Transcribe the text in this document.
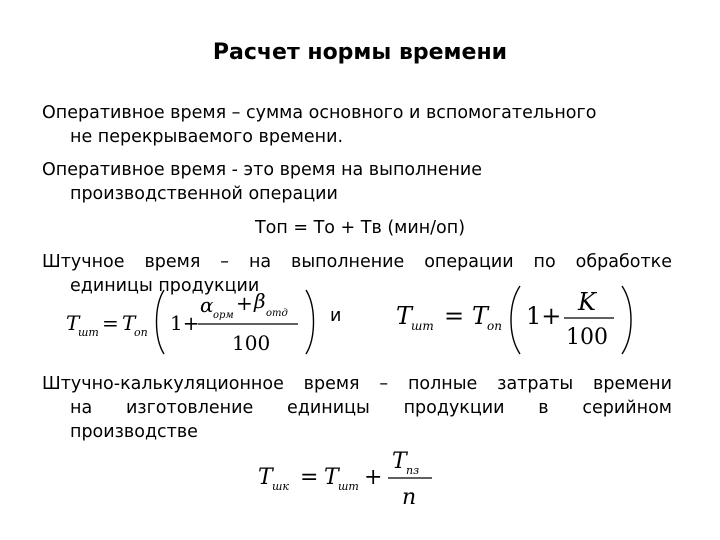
Расчет нормы времени
Оперативное время – сумма основного и вспомогательного
не перекрываемого времени.
Оперативное время - это время на выполнение
производственной операции
Топ = То + Тв (мин/оп)
Штучное время – на выполнение операции по обработке
единицы продукции
T
шт = T
оп 1+
α орм
+ β
отд
100
и T
шт = T
оп 1+ K
100
Штучно-калькуляционное время – полные затраты времени
на изготовление единицы продукции в серийном
производстве
T шк = T шт +
T пз
n
